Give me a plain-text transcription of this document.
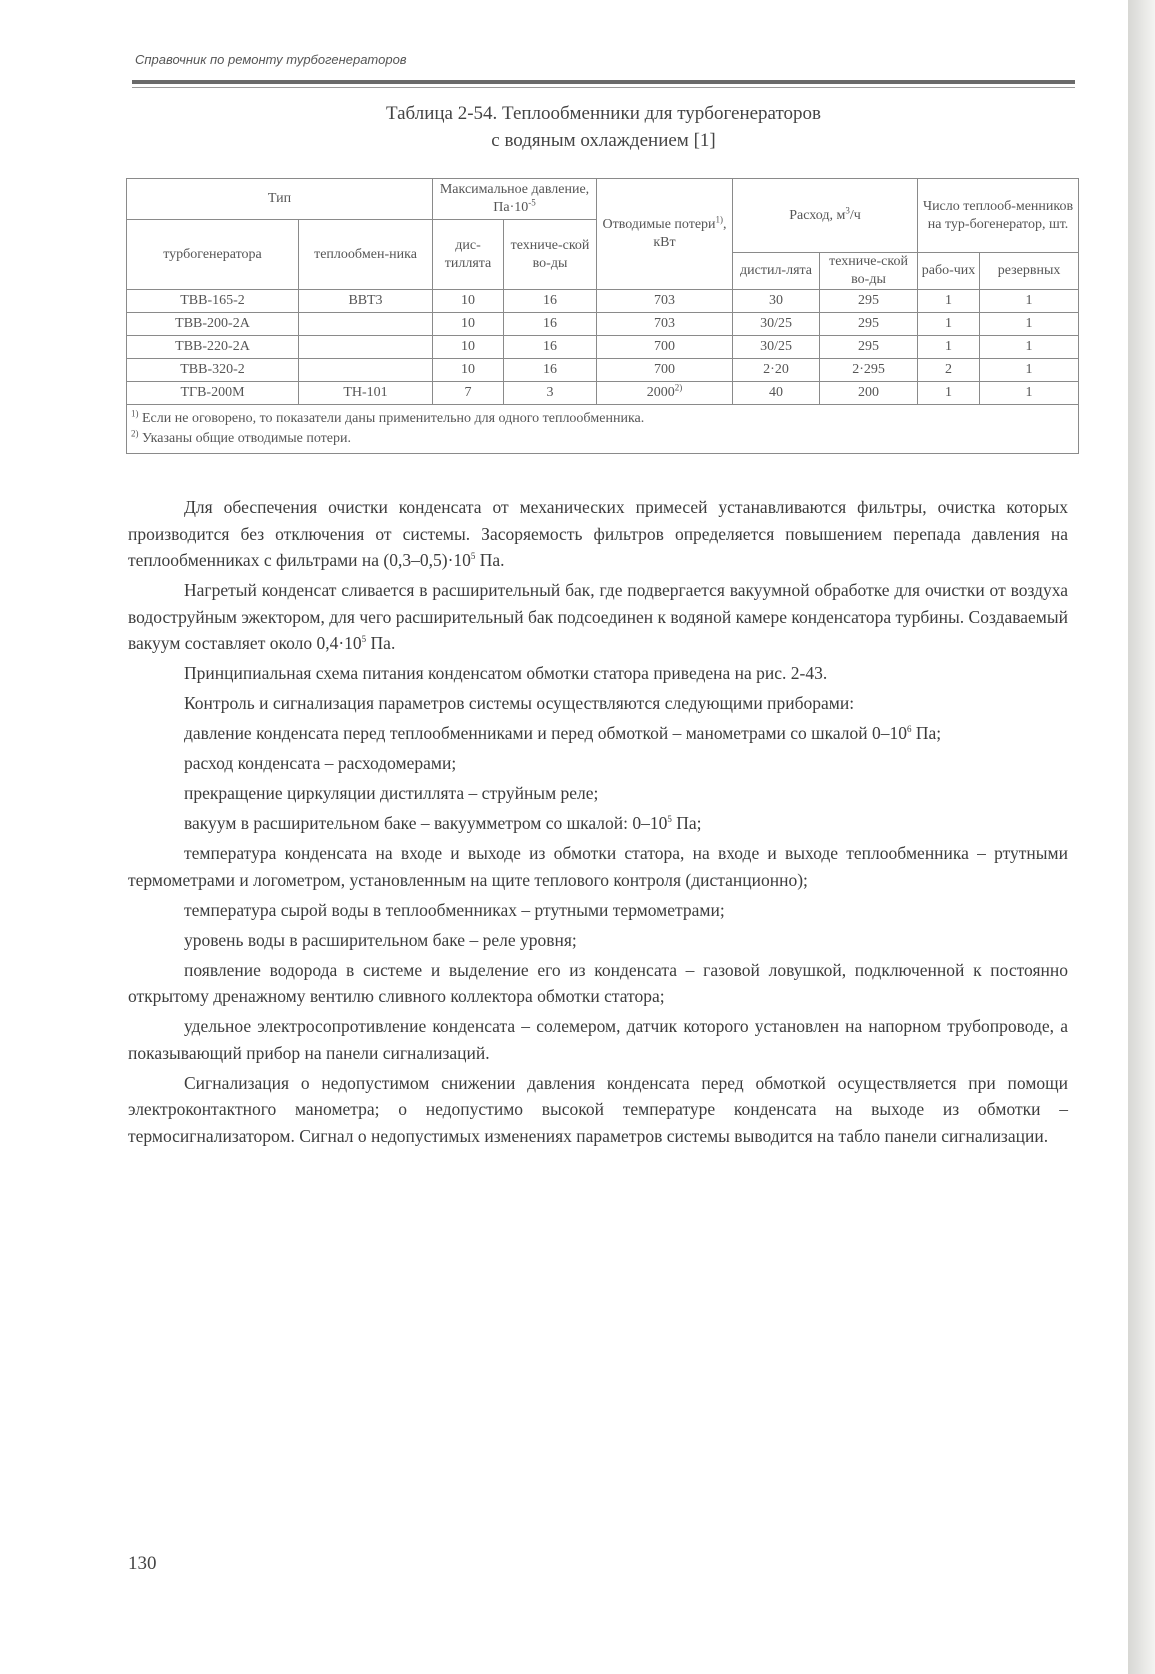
Справочник по ремонту турбогенераторов
Таблица 2-54. Теплообменники для турбогенераторов
с водяным охлаждением [1]
Тип		Максимальное давление, $Па\cdot 10^{-5}$		Отводимые потери$^{1)}$, кВт	Расход, $м^3/ч$		Число теплооб-менников на тур-богенератор, шт.	
турбогенератора	теплообмен-ника	дис-тиллята	техниче-ской во-ды					
					дистил-лята	техниче-ской во-ды	рабо-чих	резервных
ТВВ-165-2	ВВТ3	10	16	703	30	295	1	1
ТВВ-200-2А		10	16	703	30/25	295	1	1
ТВВ-220-2А		10	16	700	30/25	295	1	1
ТВВ-320-2		10	16	700	2·20	2·295	2	1
ТГВ-200М	ТН-101	7	3	2000$^{2)}$	40	200	1	1

$^{1)}$ Если не оговорено, то показатели даны применительно для одного теплообменника.
$^{2)}$ Указаны общие отводимые потери.								

Для обеспечения очистки конденсата от механических примесей устанавливаются фильтры, очистка которых производится без отключения от системы. Засоряемость фильтров определяется повышением перепада давления на теплообменниках с фильтрами на $(0,3-0,5)\cdot 10^5$ Па.

Нагретый конденсат сливается в расширительный бак, где подвергается вакуумной обработке для очистки от воздуха водоструйным эжектором, для чего расширительный бак подсоединен к водяной камере конденсатора турбины. Создаваемый вакуум составляет около $0,4\cdot 10^5$ Па.

Принципиальная схема питания конденсатом обмотки статора приведена на рис. 2-43.

Контроль и сигнализация параметров системы осуществляются следующими приборами:

давление конденсата перед теплообменниками и перед обмоткой – манометрами со шкалой $0-10^6$ Па;

расход конденсата – расходомерами;

прекращение циркуляции дистиллята – струйным реле;

вакуум в расширительном баке – вакуумметром со шкалой: $0-10^5$ Па;

температура конденсата на входе и выходе из обмотки статора, на входе и выходе теплообменника – ртутными термометрами и логометром, установленным на щите теплового контроля (дистанционно);

температура сырой воды в теплообменниках – ртутными термометрами;

уровень воды в расширительном баке – реле уровня;

появление водорода в системе и выделение его из конденсата – газовой ловушкой, подключенной к постоянно открытому дренажному вентилю сливного коллектора обмотки статора;

удельное электросопротивление конденсата – солемером, датчик которого установлен на напорном трубопроводе, а показывающий прибор на панели сигнализаций.

Сигнализация о недопустимом снижении давления конденсата перед обмоткой осуществляется при помощи электроконтактного манометра; о недопустимо высокой температуре конденсата на выходе из обмотки – термосигнализатором. Сигнал о недопустимых изменениях параметров системы выводится на табло панели сигнализации.

130
